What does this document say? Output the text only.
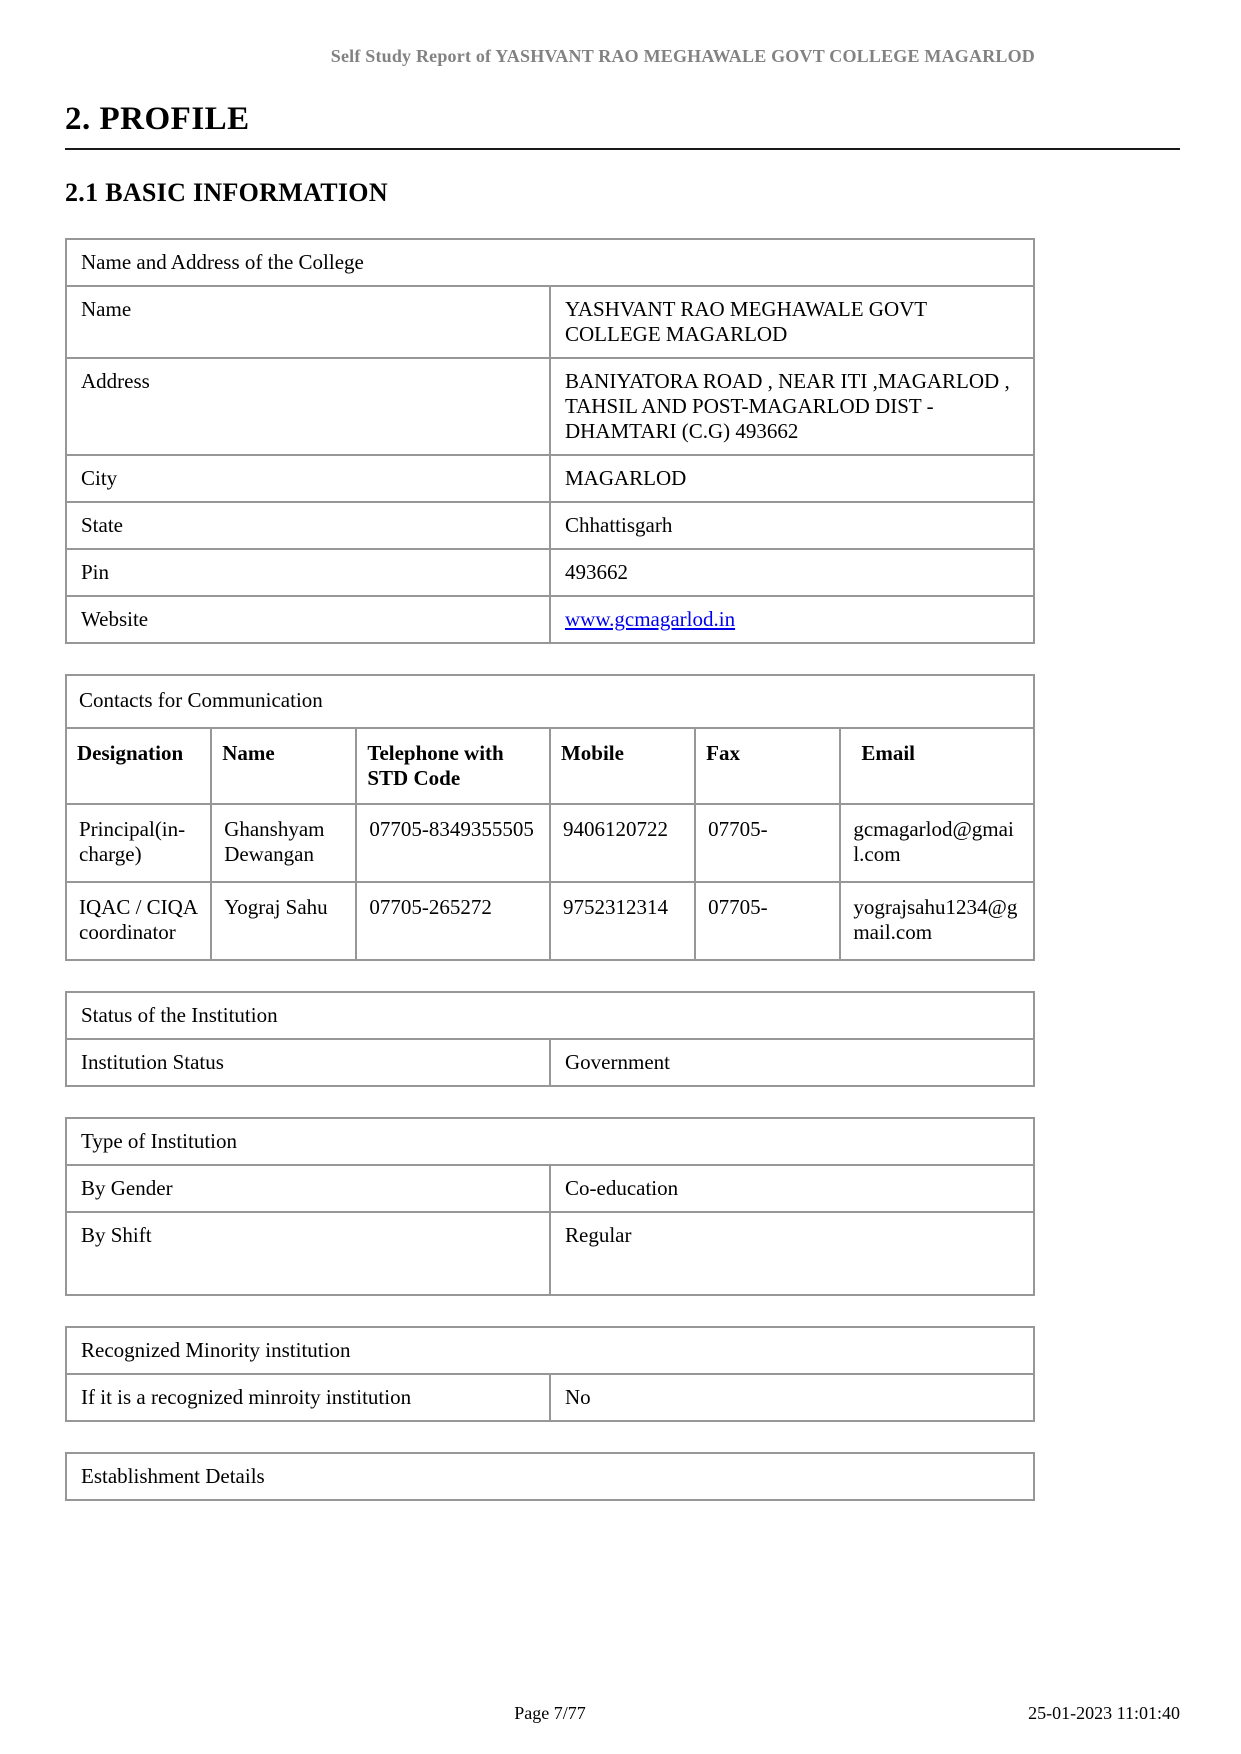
Self Study Report of YASHVANT RAO MEGHAWALE GOVT COLLEGE MAGARLOD
2. PROFILE
2.1 BASIC INFORMATION
Name and Address of the College	
Name	YASHVANT RAO MEGHAWALE GOVT COLLEGE MAGARLOD
Address	BANIYATORA ROAD , NEAR ITI ,MAGARLOD , TAHSIL AND POST-MAGARLOD DIST - DHAMTARI (C.G) 493662
City	MAGARLOD
State	Chhattisgarh
Pin	493662
Website	www.gcmagarlod.in
Contacts for Communication					
Designation	Name	Telephone with STD Code	Mobile	Fax	Email
Principal(in-charge)	Ghanshyam Dewangan	07705-8349355505	9406120722	07705-	gcmagarlod@gmail.com
IQAC / CIQA coordinator	Yograj Sahu	07705-265272	9752312314	07705-	yograjsahu1234@gmail.com
Status of the Institution
Institution Status	Government
Type of Institution	
By Gender	Co-education
By Shift	Regular
Recognized Minority institution
If it is a recognized minroity institution	No
Establishment Details
Page 7/77	25-01-2023 11:01:40
